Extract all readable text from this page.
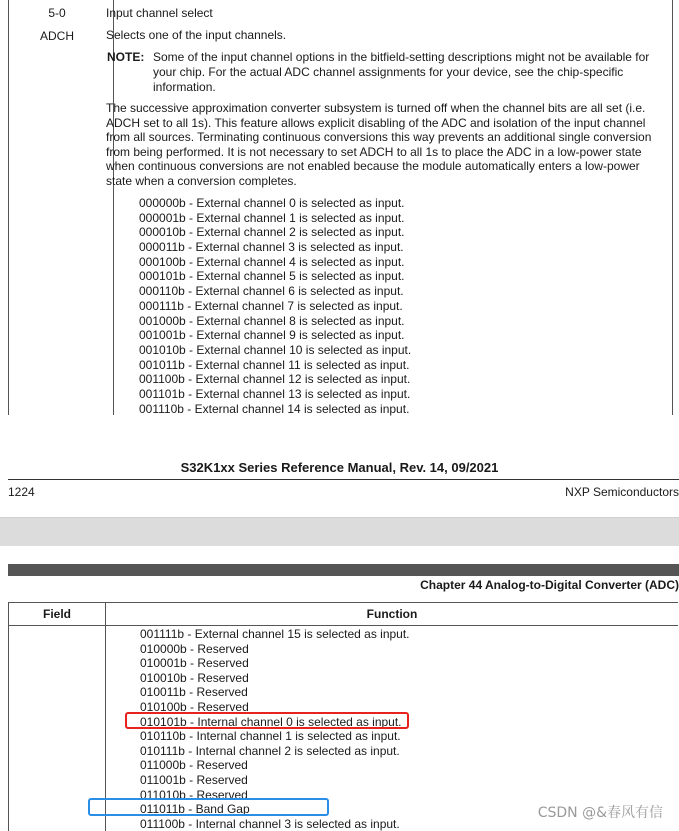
5-0
ADCH
Input channel select
Selects one of the input channels.
NOTE: Some of the input channel options in the bitfield-setting descriptions might not be available for your chip. For the actual ADC channel assignments for your device, see the chip-specific information.
The successive approximation converter subsystem is turned off when the channel bits are all set (i.e. ADCH set to all 1s). This feature allows explicit disabling of the ADC and isolation of the input channel from all sources. Terminating continuous conversions this way prevents an additional single conversion from being performed. It is not necessary to set ADCH to all 1s to place the ADC in a low-power state when continuous conversions are not enabled because the module automatically enters a low-power state when a conversion completes.
000000b - External channel 0 is selected as input.
000001b - External channel 1 is selected as input.
000010b - External channel 2 is selected as input.
000011b - External channel 3 is selected as input.
000100b - External channel 4 is selected as input.
000101b - External channel 5 is selected as input.
000110b - External channel 6 is selected as input.
000111b - External channel 7 is selected as input.
001000b - External channel 8 is selected as input.
001001b - External channel 9 is selected as input.
001010b - External channel 10 is selected as input.
001011b - External channel 11 is selected as input.
001100b - External channel 12 is selected as input.
001101b - External channel 13 is selected as input.
001110b - External channel 14 is selected as input.
S32K1xx Series Reference Manual, Rev. 14, 09/2021
1224	NXP Semiconductors
Chapter 44 Analog-to-Digital Converter (ADC)
Field	Function
001111b - External channel 15 is selected as input.
010000b - Reserved
010001b - Reserved
010010b - Reserved
010011b - Reserved
010100b - Reserved
010101b - Internal channel 0 is selected as input.
010110b - Internal channel 1 is selected as input.
010111b - Internal channel 2 is selected as input.
011000b - Reserved
011001b - Reserved
011010b - Reserved
011011b - Band Gap
011100b - Internal channel 3 is selected as input.
CSDN @&春风有信
